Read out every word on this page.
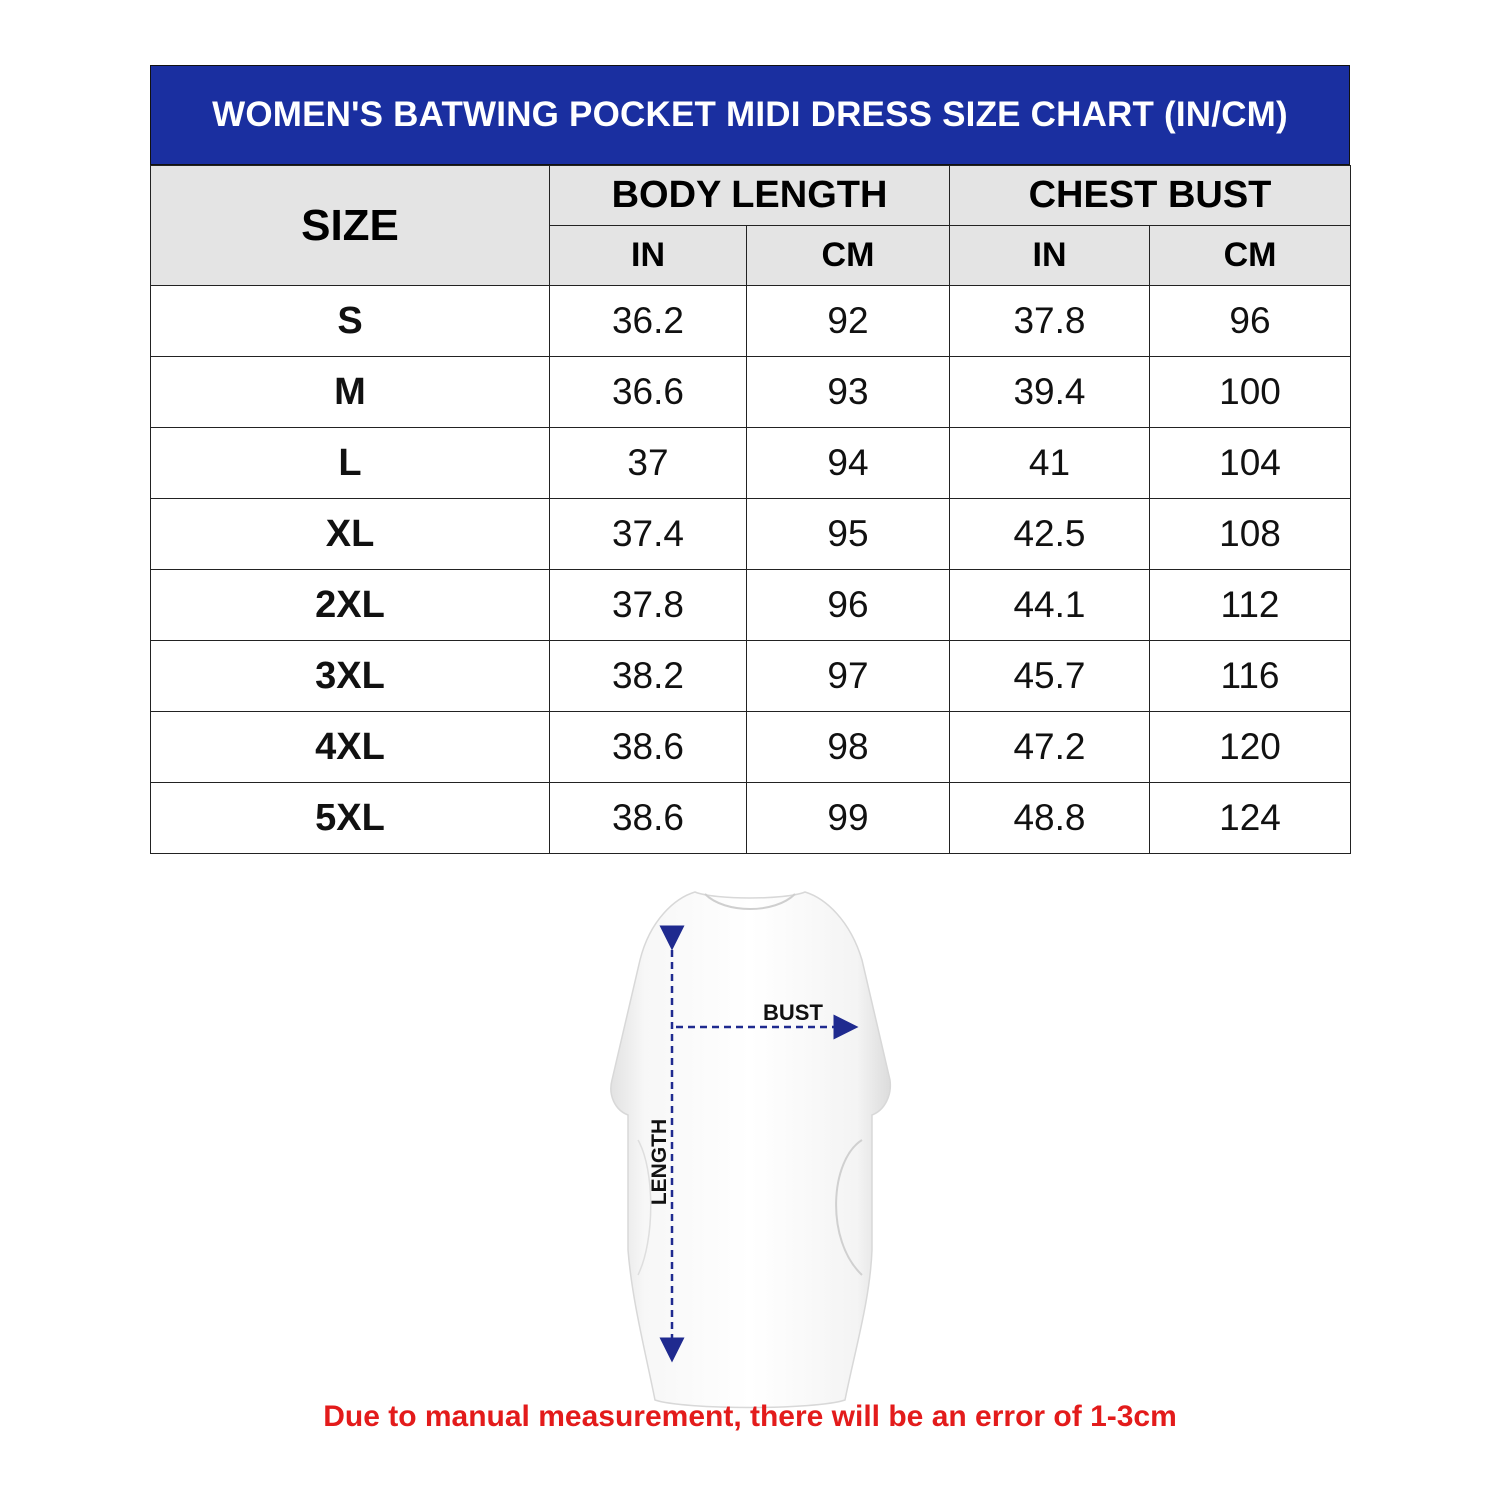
WOMEN'S BATWING POCKET MIDI DRESS SIZE CHART (IN/CM)
SIZE	BODY LENGTH		CHEST BUST	
	IN	CM	IN	CM
S	36.2	92	37.8	96
M	36.6	93	39.4	100
L	37	94	41	104
XL	37.4	95	42.5	108
2XL	37.8	96	44.1	112
3XL	38.2	97	45.7	116
4XL	38.6	98	47.2	120
5XL	38.6	99	48.8	124
BUST
LENGTH
Due to manual measurement, there will be an error of 1-3cm
